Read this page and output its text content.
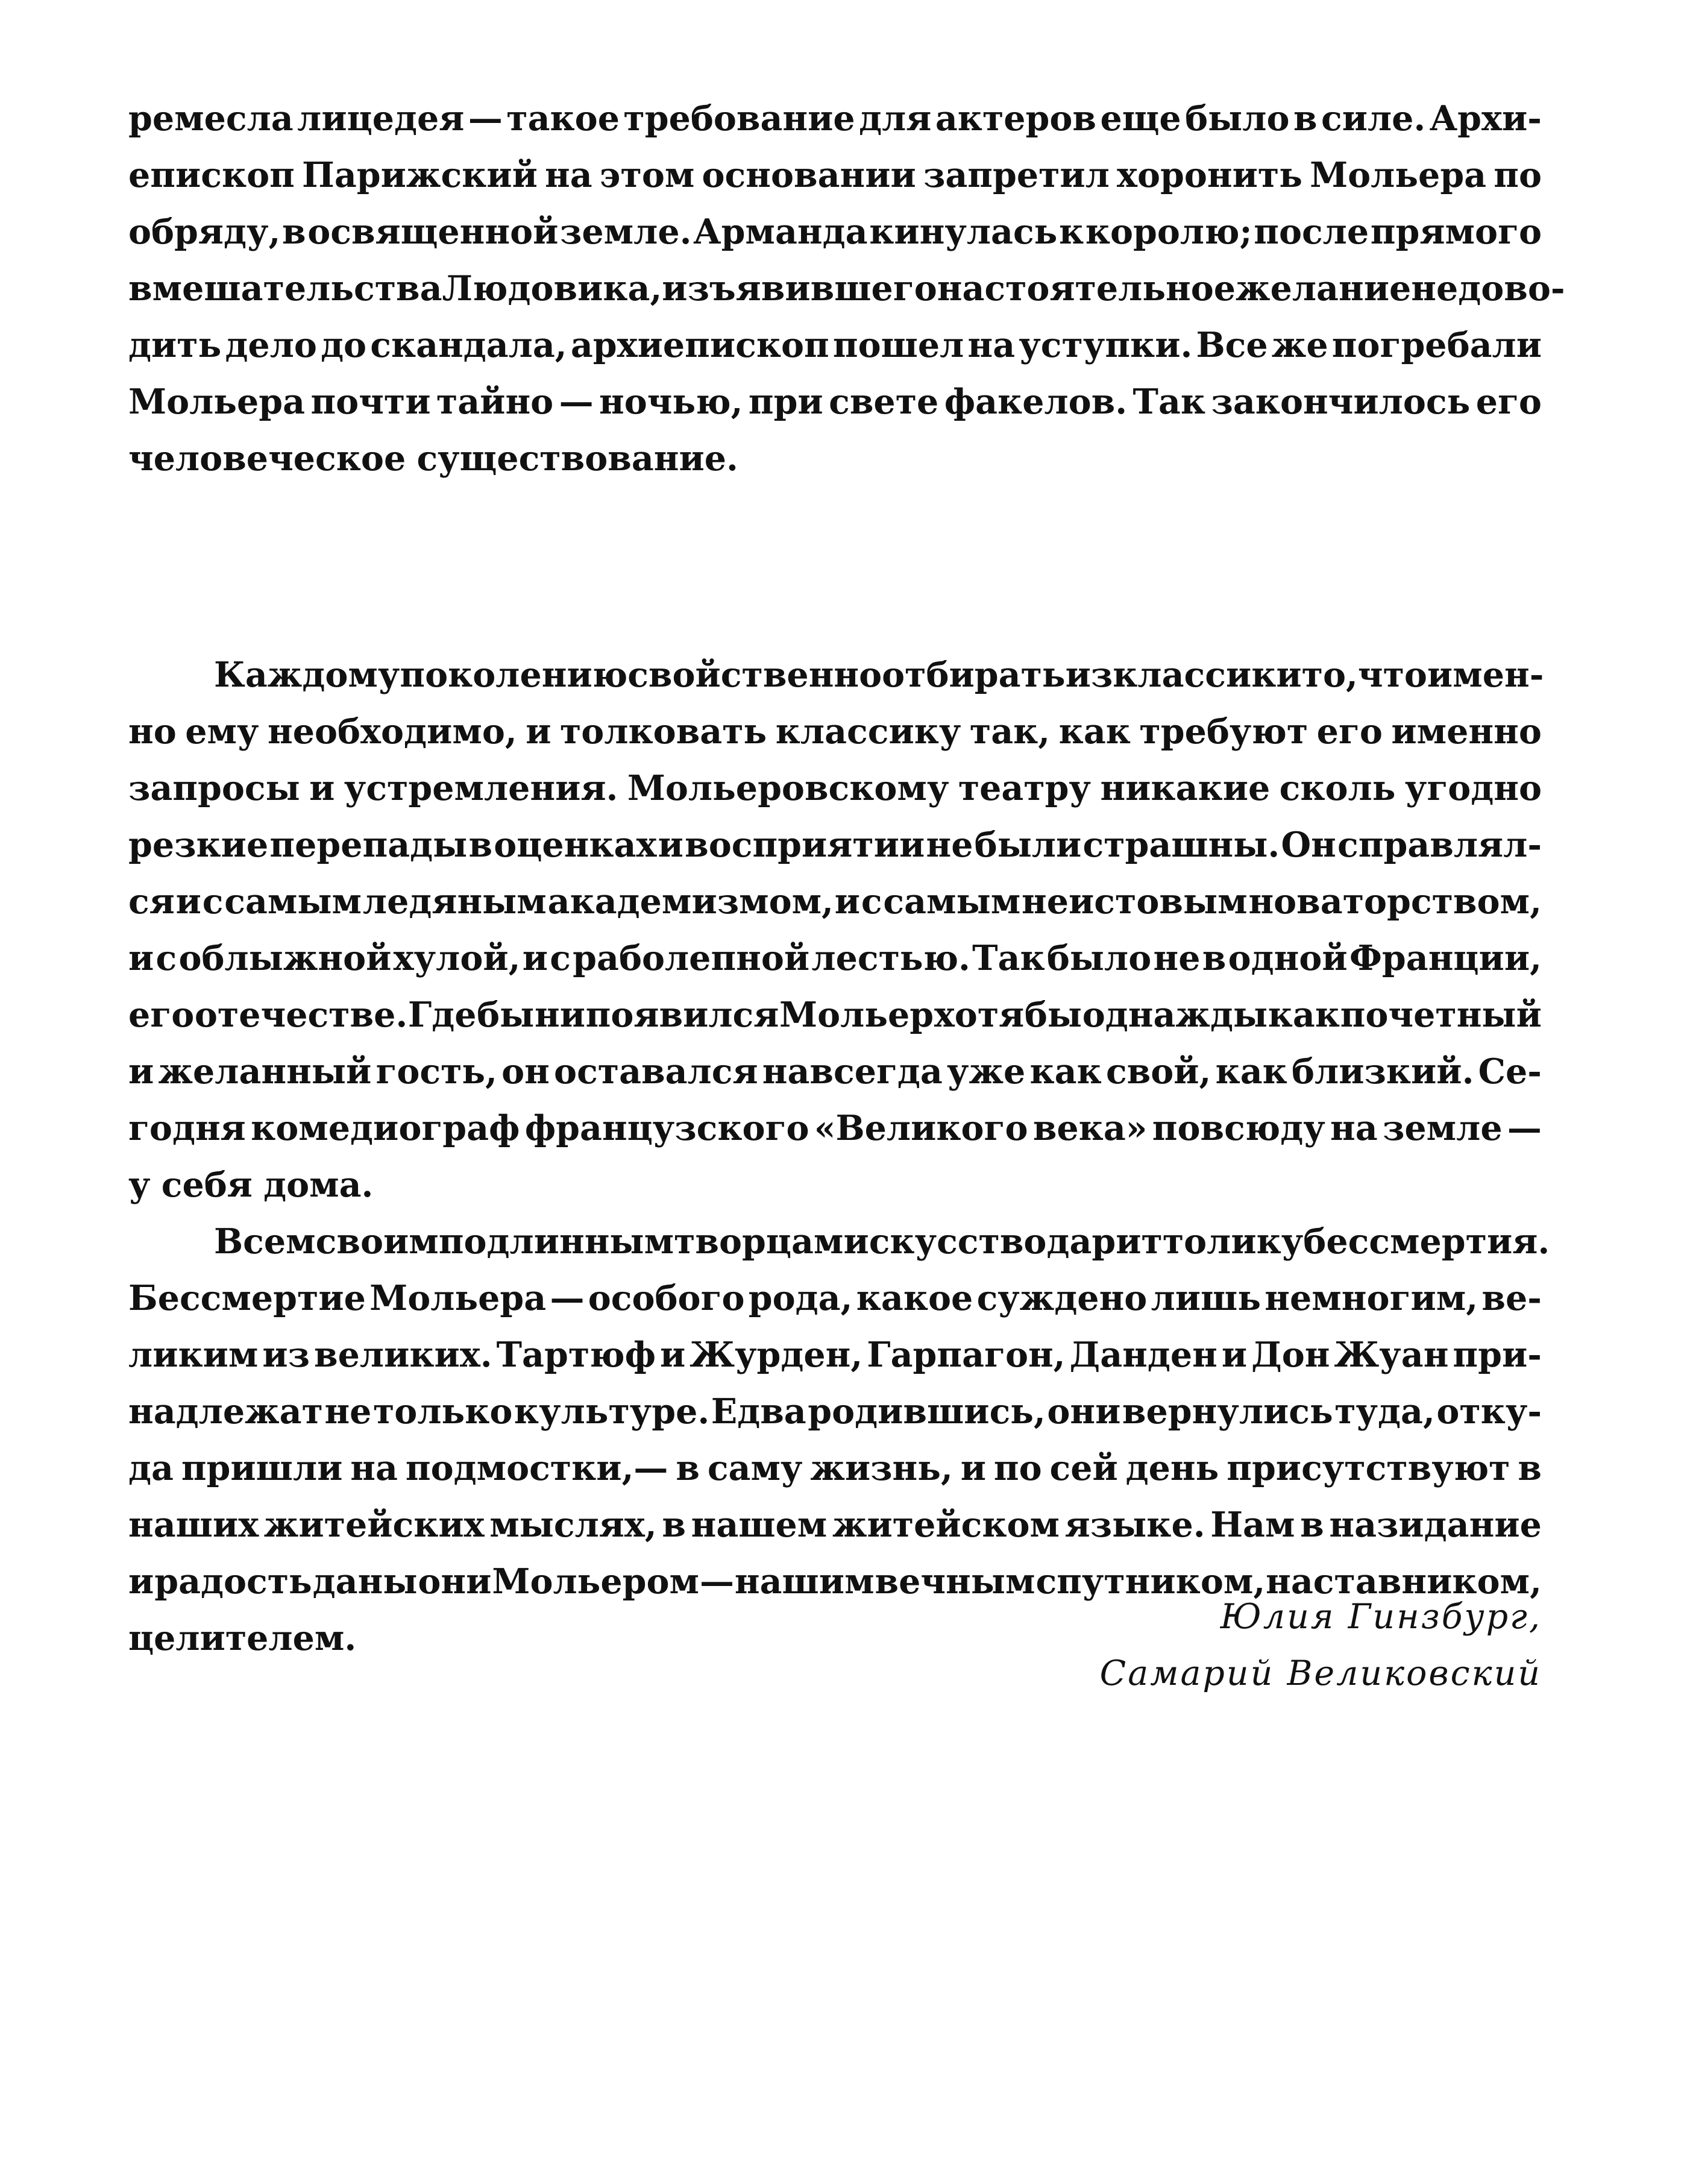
ремесла лицедея — такое требование для актеров еще было в силе. Архи-
епископ Парижский на этом основании запретил хоронить Мольера по
обряду, в освященной земле. Арманда кинулась к королю; после прямого
вмешательства Людовика, изъявившего настоятельное желание не дово-
дить дело до скандала, архиепископ пошел на уступки. Все же погребали
Мольера почти тайно — ночью, при свете факелов. Так закончилось его
человеческое существование.
Каждому поколению свойственно отбирать из классики то, что имен-
но ему необходимо, и толковать классику так, как требуют его именно
запросы и устремления. Мольеровскому театру никакие сколь угодно
резкие перепады в оценках и восприятии не были страшны. Он справлял-
ся и с самым ледяным академизмом, и с самым неистовым новаторством,
и с облыжной хулой, и с раболепной лестью. Так было не в одной Франции,
его отечестве. Где бы ни появился Мольер хотя бы однажды как почетный
и желанный гость, он оставался навсегда уже как свой, как близкий. Се-
годня комедиограф французского «Великого века» повсюду на земле —
у себя дома.
Всем своим подлинным творцам искусство дарит толику бессмертия.
Бессмертие Мольера — особого рода, какое суждено лишь немногим, ве-
ликим из великих. Тартюф и Журден, Гарпагон, Данден и Дон Жуан при-
надлежат не только культуре. Едва родившись, они вернулись туда, отку-
да пришли на подмостки,— в саму жизнь, и по сей день присутствуют в
наших житейских мыслях, в нашем житейском языке. Нам в назидание
и радость даны они Мольером — нашим вечным спутником, наставником,
целителем.
Юлия Гинзбург,
Самарий Великовский
